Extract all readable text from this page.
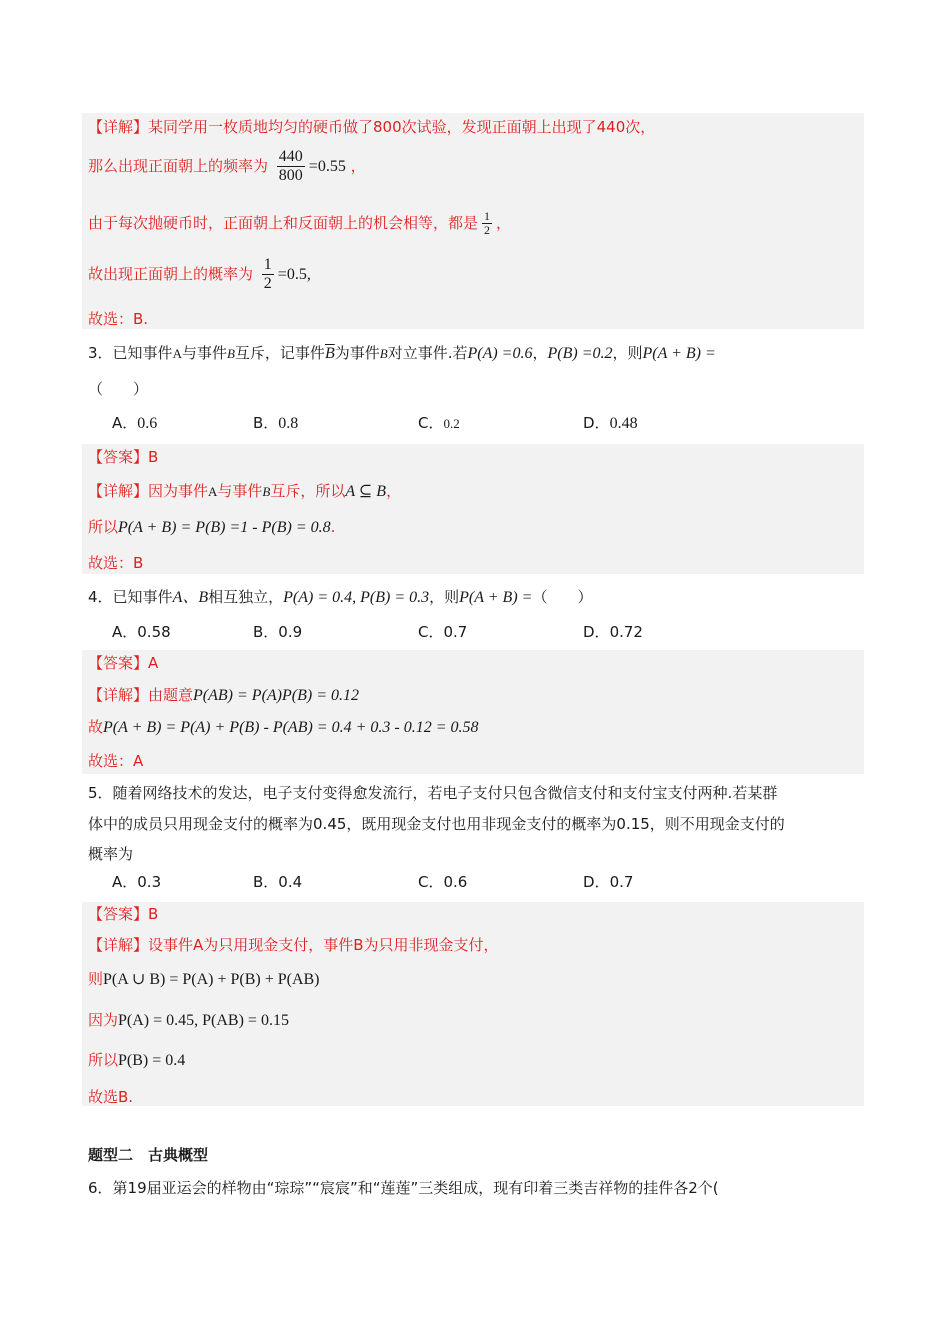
【详解】某同学用一枚质地均匀的硬币做了800次试验，发现正面朝上出现了440次，
那么出现正面朝上的频率为 $\frac{440}{800} =0.55$ ，
由于每次抛硬币时，正面朝上和反面朝上的机会相等，都是 $\frac{1}{2}$ ，
故出现正面朝上的概率为 $\frac{1}{2} =0.5$,
故选：B.
3．已知事件A与事件B互斥，记事件$\overline{B}$为事件B对立事件.若P(A) =0.6，P(B) =0.2，则P(A + B) =
（　　）
A．0.6	B．0.8	C．0.2	D．0.48
【答案】B
【详解】因为事件A与事件B互斥，所以A ⊆ B，
所以P(A + B) = P(B) =1 - P(B) = 0.8.
故选：B
4．已知事件A、B相互独立，P(A) = 0.4, P(B) = 0.3，则P(A + B) =（　　）
A．0.58	B．0.9	C．0.7	D．0.72
【答案】A
【详解】由题意P(AB) = P(A)P(B) = 0.12
故P(A + B) = P(A) + P(B) - P(AB) = 0.4 + 0.3 - 0.12 = 0.58
故选：A
5．随着网络技术的发达，电子支付变得愈发流行，若电子支付只包含微信支付和支付宝支付两种.若某群
体中的成员只用现金支付的概率为0.45，既用现金支付也用非现金支付的概率为0.15，则不用现金支付的
概率为
A．0.3	B．0.4	C．0.6	D．0.7
【答案】B
【详解】设事件A为只用现金支付，事件B为只用非现金支付，
则P(A ∪ B) = P(A) + P(B) + P(AB)
因为P(A) = 0.45, P(AB) = 0.15
所以P(B) = 0.4
故选B.
题型二　古典概型
6．第19届亚运会的样物由“琮琮”“宸宸”和“莲莲”三类组成，现有印着三类吉祥物的挂件各2个(
